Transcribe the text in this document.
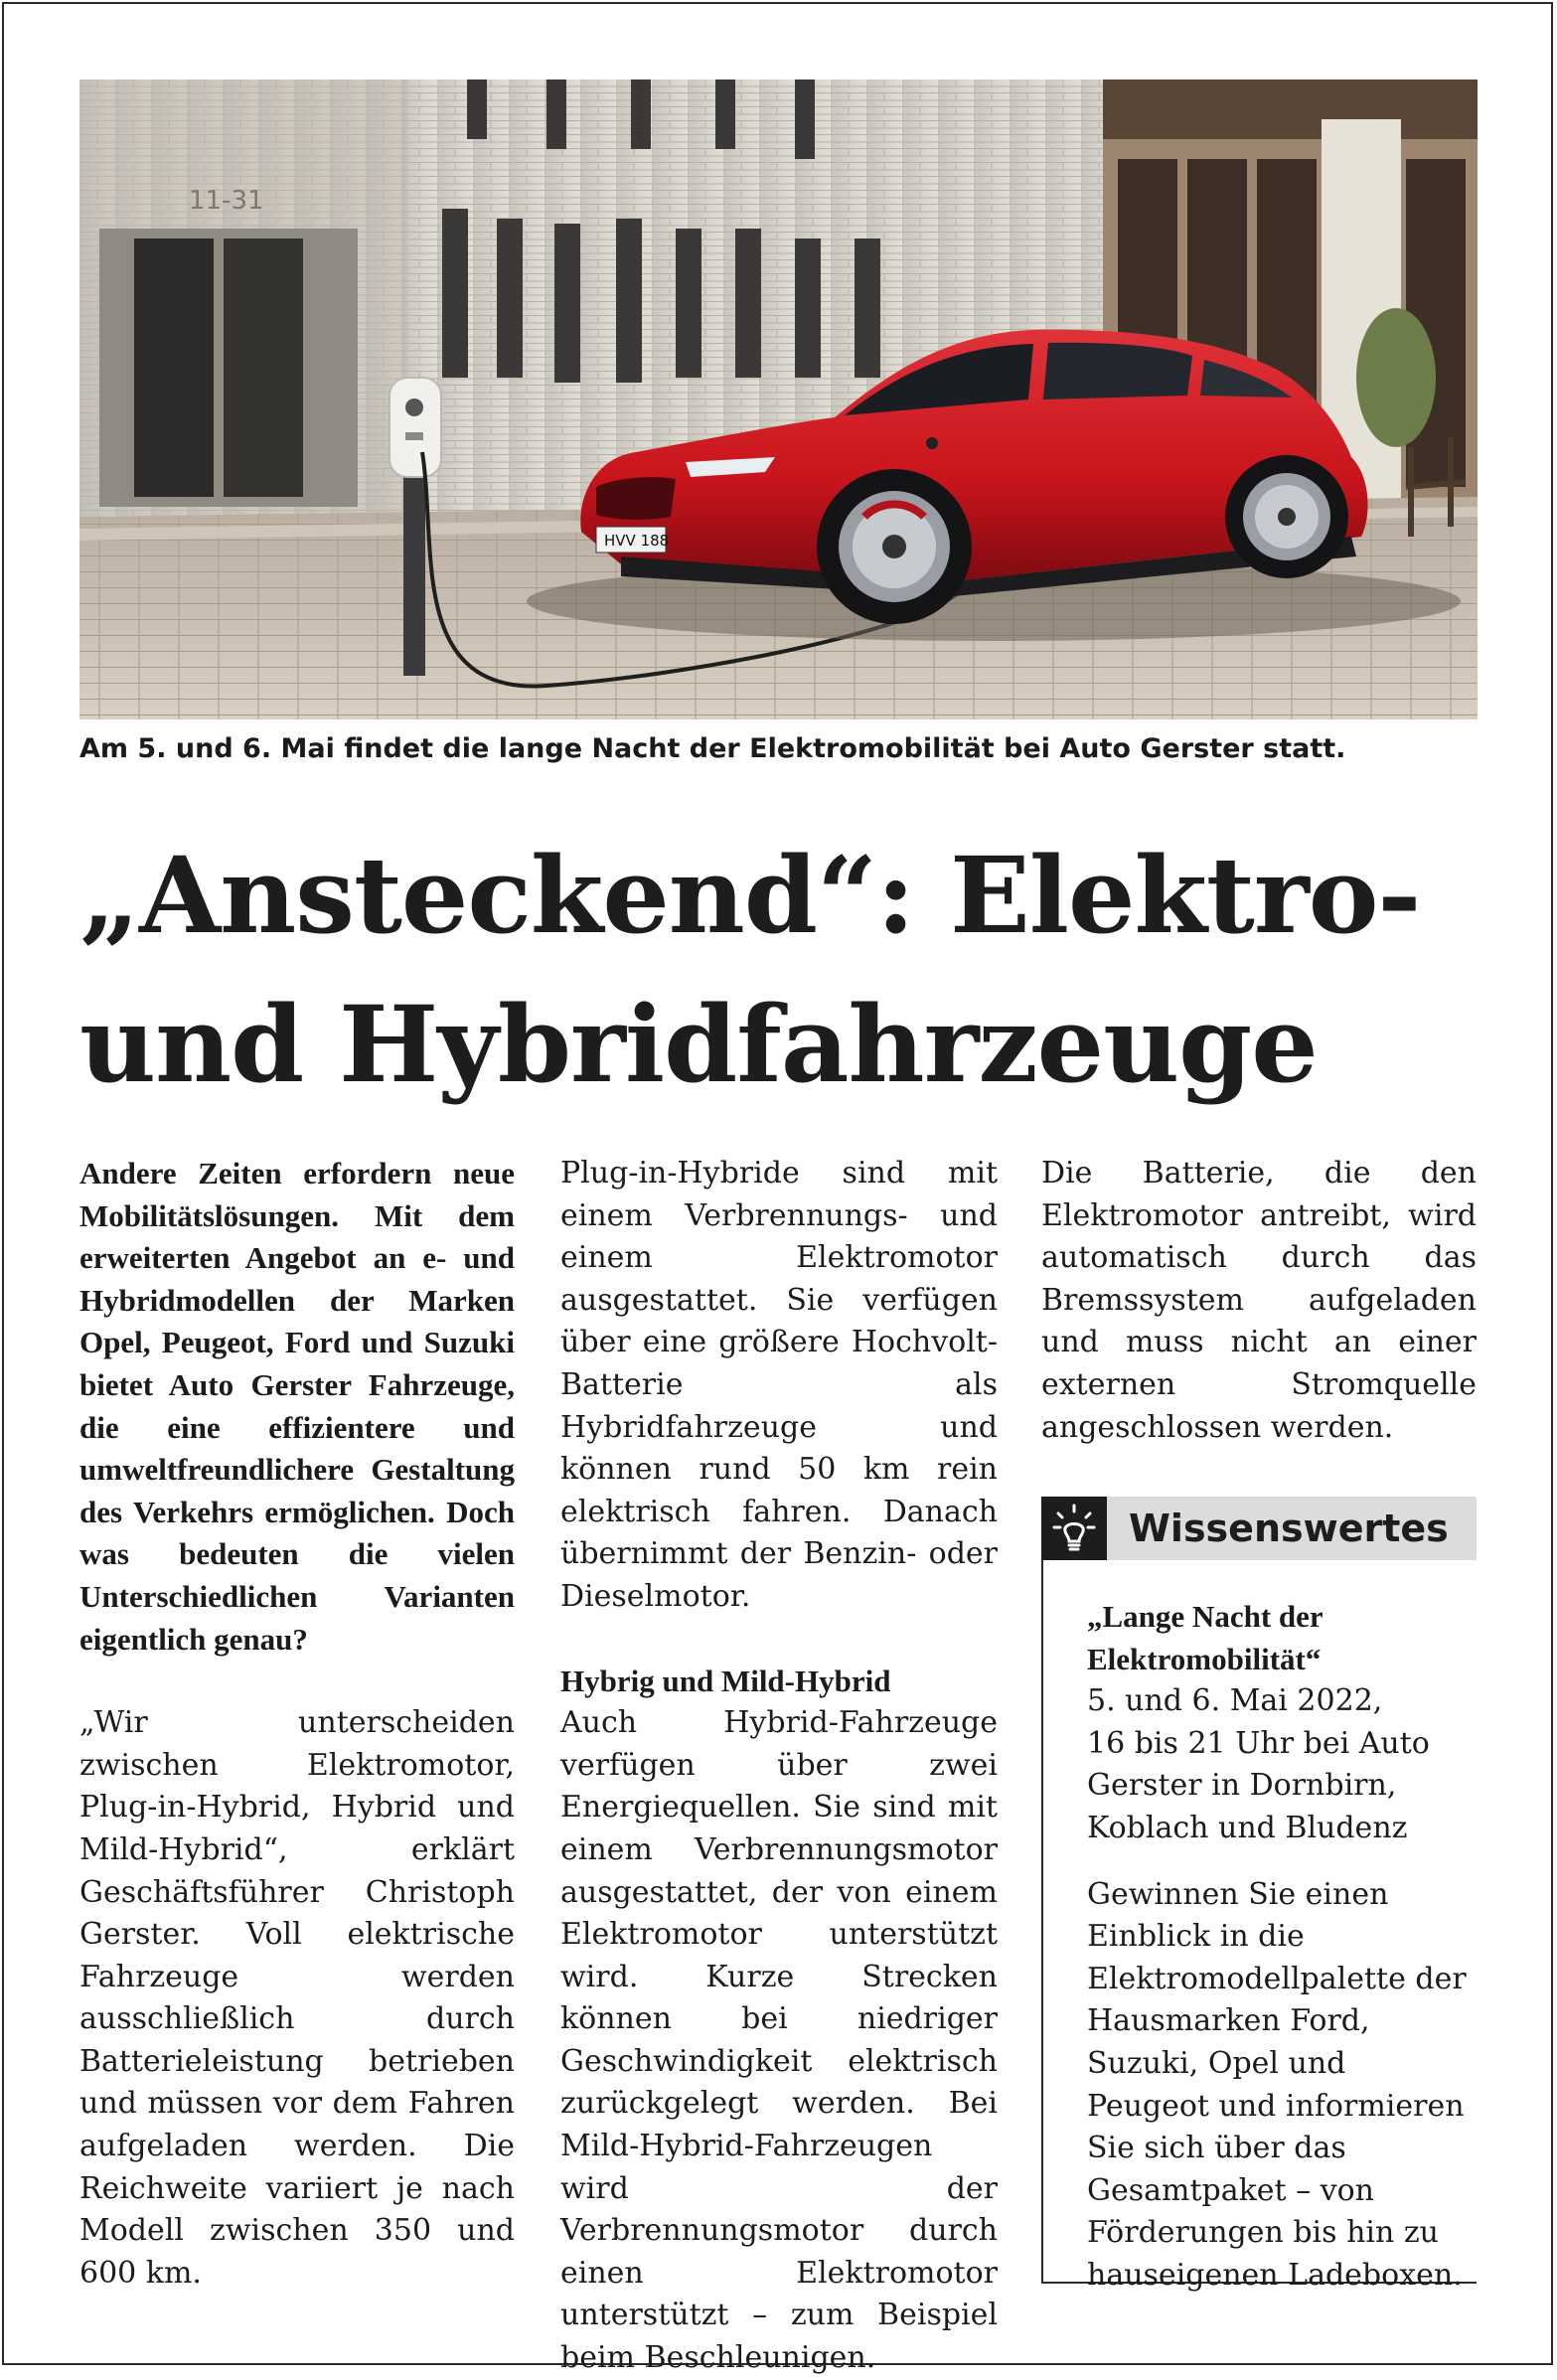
11-31
HVV 188
Am 5. und 6. Mai findet die lange Nacht der Elektromobilität bei Auto Gerster statt.
„Ansteckend“: Elektro-
und Hybridfahrzeuge

Andere Zeiten erfordern neue Mobilitätslösungen. Mit dem erweiterten Angebot an e- und Hybridmodellen der Marken Opel, Peugeot, Ford und Suzuki bietet Auto Gerster Fahrzeuge, die eine effizientere und umweltfreundlichere Gestaltung des Verkehrs ermöglichen. Doch was bedeuten die vielen Unterschiedlichen Varianten eigentlich genau?

„Wir unterscheiden zwischen Elektromotor, Plug-in-Hybrid, Hybrid und Mild-Hybrid“, erklärt Geschäftsführer Christoph Gerster. Voll elektrische Fahrzeuge werden ausschließlich durch Batterieleistung betrieben und müssen vor dem Fahren aufgeladen werden. Die Reichweite variiert je nach Modell zwischen 350 und 600 km.

Plug-in-Hybride sind mit einem Verbrennungs- und einem Elektromotor ausgestattet. Sie verfügen über eine größere Hochvolt-Batterie als Hybridfahrzeuge und können rund 50 km rein elektrisch fahren. Danach übernimmt der Benzin- oder Dieselmotor.

Hybrig und Mild-Hybrid

Auch Hybrid-Fahrzeuge verfügen über zwei Energiequellen. Sie sind mit einem Verbrennungsmotor ausgestattet, der von einem Elektromotor unterstützt wird. Kurze Strecken können bei niedriger Geschwindigkeit elektrisch zurückgelegt werden. Bei Mild-Hybrid-Fahrzeugen wird der Verbrennungsmotor durch einen Elektromotor unterstützt – zum Beispiel beim Beschleunigen.

Die Batterie, die den Elektromotor antreibt, wird automatisch durch das Bremssystem aufgeladen und muss nicht an einer externen Stromquelle angeschlossen werden.

Wissenswertes

„Lange Nacht der Elektromobilität“

5. und 6. Mai 2022,

16 bis 21 Uhr bei Auto

Gerster in Dornbirn,

Koblach und Bludenz

Gewinnen Sie einen Einblick in die Elektromodellpalette der Hausmarken Ford, Suzuki, Opel und Peugeot und informieren Sie sich über das Gesamtpaket – von Förderungen bis hin zu hauseigenen Ladeboxen.
